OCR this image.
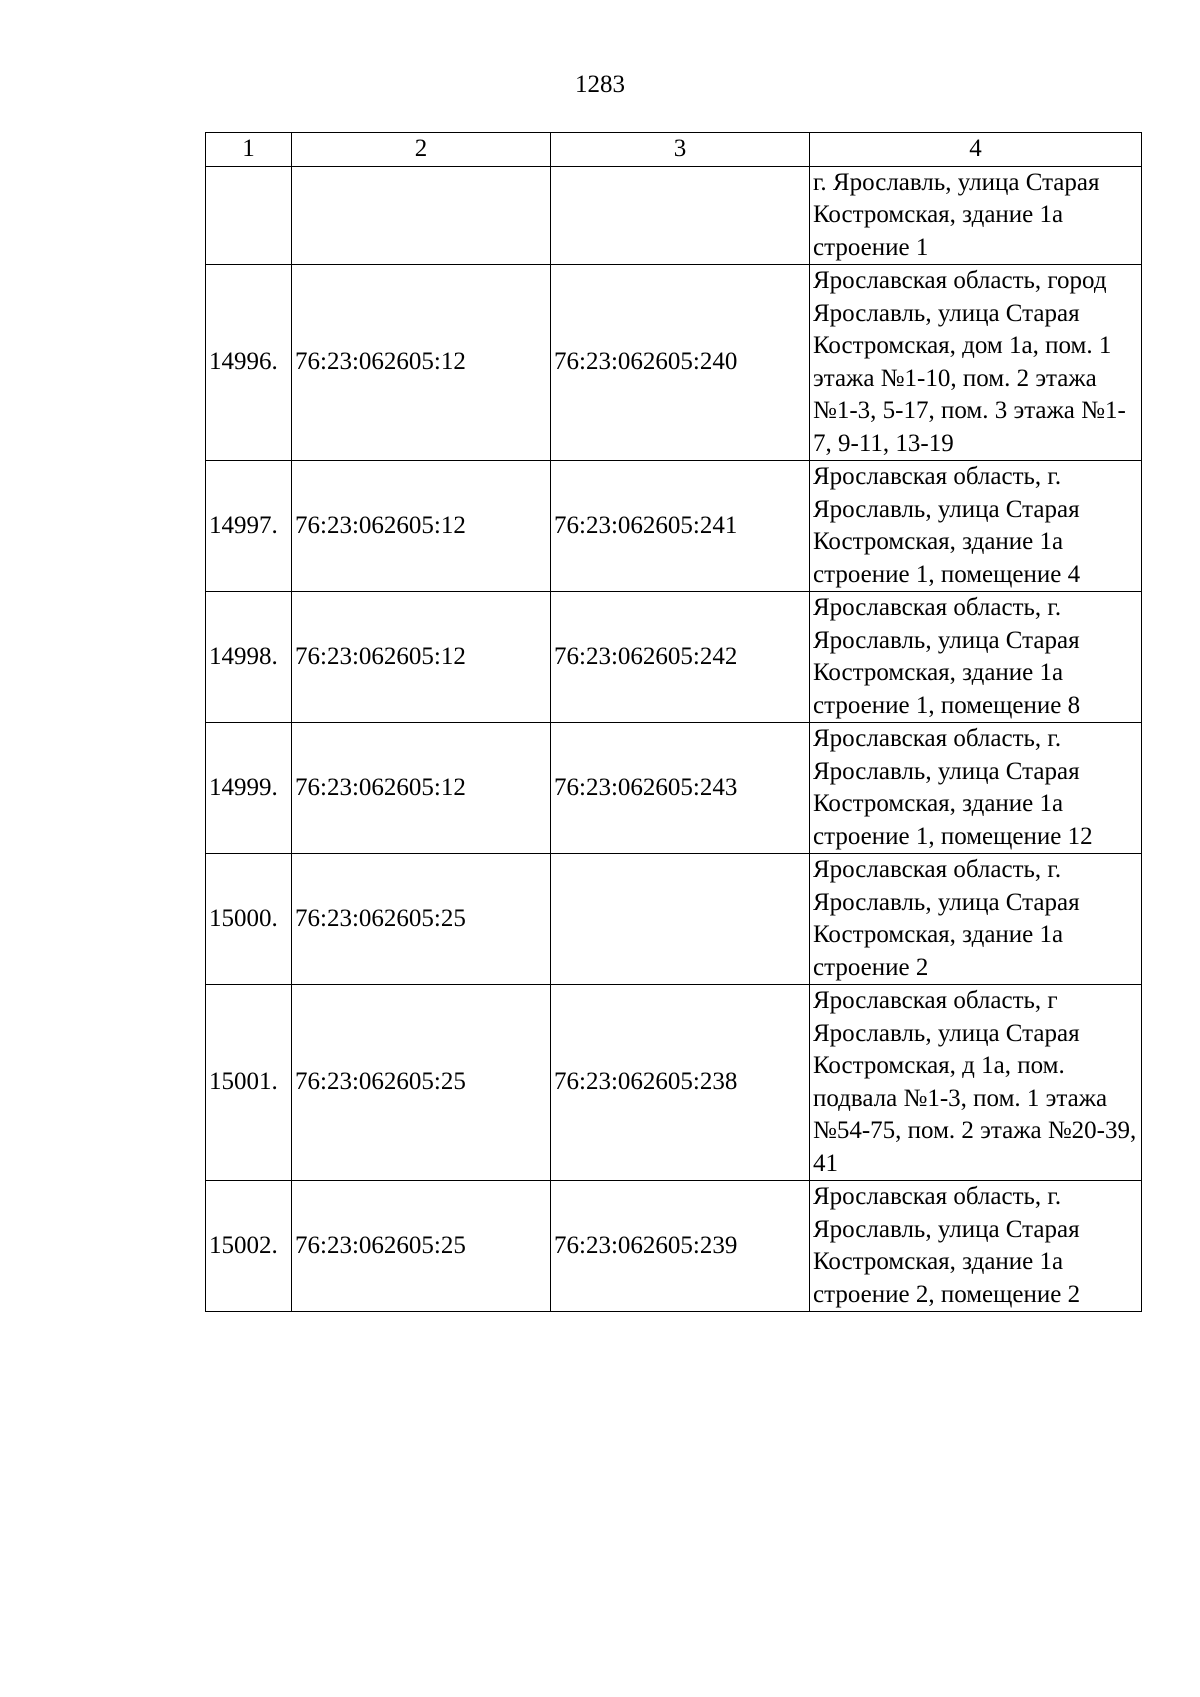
1283
1	2	3	4
			г. Ярославль, улица Старая Костромская, здание 1а строение 1
14996.	76:23:062605:12	76:23:062605:240	Ярославская область, город Ярославль, улица Старая Костромская, дом 1а, пом. 1 этажа №1-10, пом. 2 этажа №1-3, 5-17, пом. 3 этажа №1-7, 9-11, 13-19
14997.	76:23:062605:12	76:23:062605:241	Ярославская область, г. Ярославль, улица Старая Костромская, здание 1а строение 1, помещение 4
14998.	76:23:062605:12	76:23:062605:242	Ярославская область, г. Ярославль, улица Старая Костромская, здание 1а строение 1, помещение 8
14999.	76:23:062605:12	76:23:062605:243	Ярославская область, г. Ярославль, улица Старая Костромская, здание 1а строение 1, помещение 12
15000.	76:23:062605:25		Ярославская область, г. Ярославль, улица Старая Костромская, здание 1а строение 2
15001.	76:23:062605:25	76:23:062605:238	Ярославская область, г Ярославль, улица Старая Костромская, д 1а, пом. подвала №1-3, пом. 1 этажа №54-75, пом. 2 этажа №20-39, 41
15002.	76:23:062605:25	76:23:062605:239	Ярославская область, г. Ярославль, улица Старая Костромская, здание 1а строение 2, помещение 2
